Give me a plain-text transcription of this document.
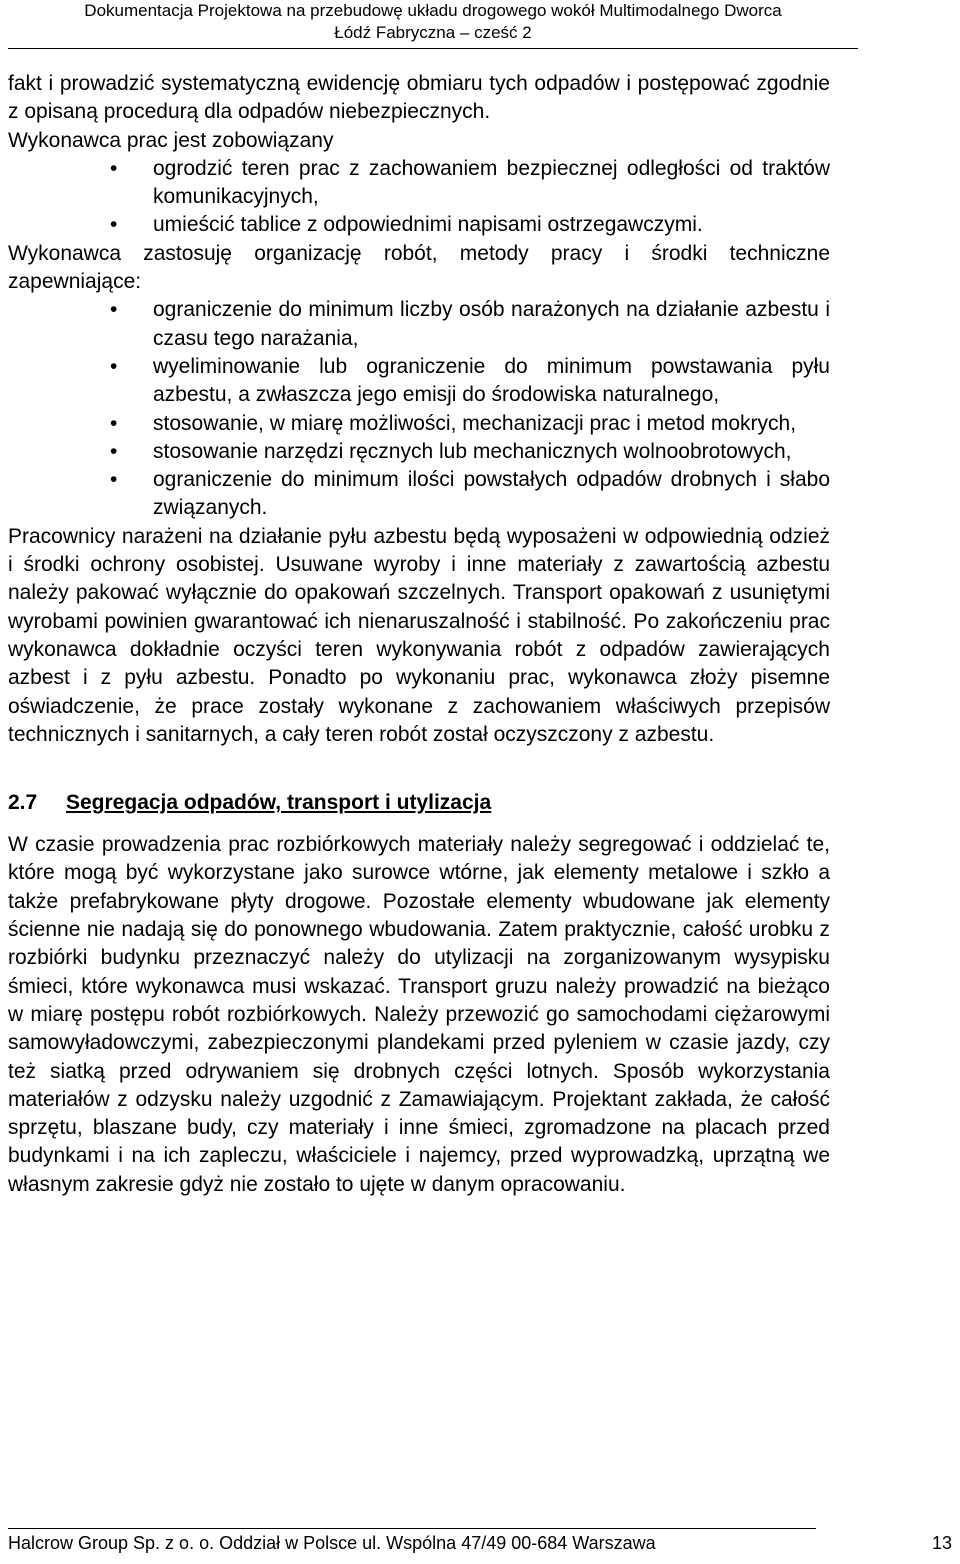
Dokumentacja Projektowa na przebudowę układu drogowego wokół Multimodalnego Dworca
Łódź Fabryczna – cześć 2

fakt i prowadzić systematyczną ewidencję obmiaru tych odpadów i postępować zgodnie z opisaną procedurą dla odpadów niebezpiecznych.

Wykonawca prac jest zobowiązany

• ogrodzić teren prac z zachowaniem bezpiecznej odległości od traktów komunikacyjnych,
• umieścić tablice z odpowiednimi napisami ostrzegawczymi.

Wykonawca zastosuję organizację robót, metody pracy i środki techniczne zapewniające:

• ograniczenie do minimum liczby osób narażonych na działanie azbestu i czasu tego narażania,
• wyeliminowanie lub ograniczenie do minimum powstawania pyłu azbestu, a zwłaszcza jego emisji do środowiska naturalnego,
• stosowanie, w miarę możliwości, mechanizacji prac i metod mokrych,
• stosowanie narzędzi ręcznych lub mechanicznych wolnoobrotowych,
• ograniczenie do minimum ilości powstałych odpadów drobnych i słabo związanych.

Pracownicy narażeni na działanie pyłu azbestu będą wyposażeni w odpowiednią odzież i środki ochrony osobistej. Usuwane wyroby i inne materiały z zawartością azbestu należy pakować wyłącznie do opakowań szczelnych. Transport opakowań z usuniętymi wyrobami powinien gwarantować ich nienaruszalność i stabilność. Po zakończeniu prac wykonawca dokładnie oczyści teren wykonywania robót z odpadów zawierających azbest i z pyłu azbestu. Ponadto po wykonaniu prac, wykonawca złoży pisemne oświadczenie, że prace zostały wykonane z zachowaniem właściwych przepisów technicznych i sanitarnych, a cały teren robót został oczyszczony z azbestu.

2.7 Segregacja odpadów, transport i utylizacja

W czasie prowadzenia prac rozbiórkowych materiały należy segregować i oddzielać te, które mogą być wykorzystane jako surowce wtórne, jak elementy metalowe i szkło a także prefabrykowane płyty drogowe. Pozostałe elementy wbudowane jak elementy ścienne nie nadają się do ponownego wbudowania. Zatem praktycznie, całość urobku z rozbiórki budynku przeznaczyć należy do utylizacji na zorganizowanym wysypisku śmieci, które wykonawca musi wskazać. Transport gruzu należy prowadzić na bieżąco w miarę postępu robót rozbiórkowych. Należy przewozić go samochodami ciężarowymi samowyładowczymi, zabezpieczonymi plandekami przed pyleniem w czasie jazdy, czy też siatką przed odrywaniem się drobnych części lotnych. Sposób wykorzystania materiałów z odzysku należy uzgodnić z Zamawiającym. Projektant zakłada, że całość sprzętu, blaszane budy, czy materiały i inne śmieci, zgromadzone na placach przed budynkami i na ich zapleczu, właściciele i najemcy, przed wyprowadzką, uprzątną we własnym zakresie gdyż nie zostało to ujęte w danym opracowaniu.

Halcrow Group Sp. z o. o. Oddział w Polsce ul. Wspólna 47/49 00-684 Warszawa	13
